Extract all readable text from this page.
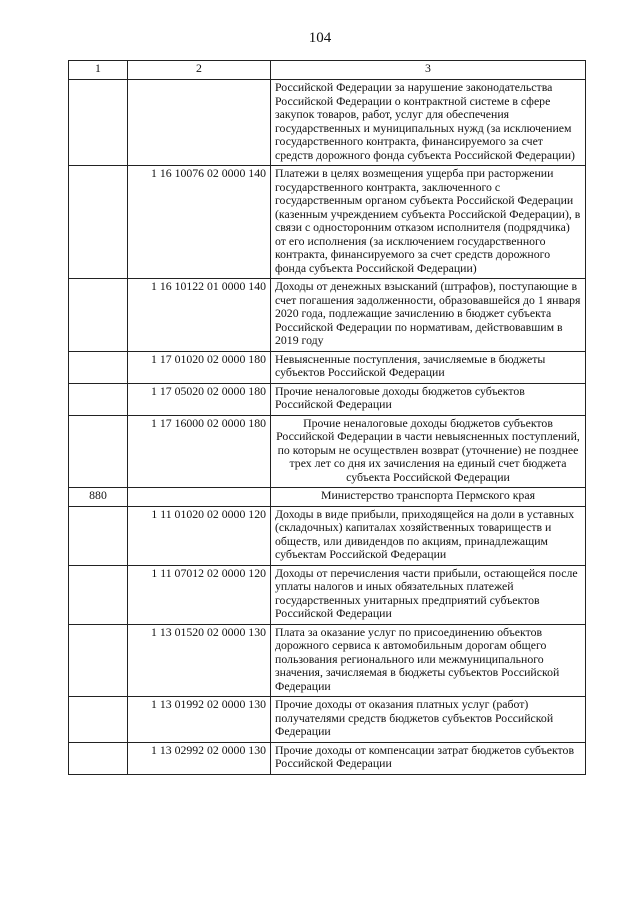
104
1	2	3
		Российской Федерации за нарушение законодательства Российской Федерации о контрактной системе в сфере закупок товаров, работ, услуг для обеспечения государственных и муниципальных нужд (за исключением государственного контракта, финансируемого за счет средств дорожного фонда субъекта Российской Федерации)
	1 16 10076 02 0000 140	Платежи в целях возмещения ущерба при расторжении государственного контракта, заключенного с государственным органом субъекта Российской Федерации (казенным учреждением субъекта Российской Федерации), в связи с односторонним отказом исполнителя (подрядчика) от его исполнения (за исключением государственного контракта, финансируемого за счет средств дорожного фонда субъекта Российской Федерации)
	1 16 10122 01 0000 140	Доходы от денежных взысканий (штрафов), поступающие в счет погашения задолженности, образовавшейся до 1 января 2020 года, подлежащие зачислению в бюджет субъекта Российской Федерации по нормативам, действовавшим в 2019 году
	1 17 01020 02 0000 180	Невыясненные поступления, зачисляемые в бюджеты субъектов Российской Федерации
	1 17 05020 02 0000 180	Прочие неналоговые доходы бюджетов субъектов Российской Федерации
	1 17 16000 02 0000 180	Прочие неналоговые доходы бюджетов субъектов Российской Федерации в части невыясненных поступлений, по которым не осуществлен возврат (уточнение) не позднее трех лет со дня их зачисления на единый счет бюджета субъекта Российской Федерации
880		Министерство транспорта Пермского края
	1 11 01020 02 0000 120	Доходы в виде прибыли, приходящейся на доли в уставных (складочных) капиталах хозяйственных товариществ и обществ, или дивидендов по акциям, принадлежащим субъектам Российской Федерации
	1 11 07012 02 0000 120	Доходы от перечисления части прибыли, остающейся после уплаты налогов и иных обязательных платежей государственных унитарных предприятий субъектов Российской Федерации
	1 13 01520 02 0000 130	Плата за оказание услуг по присоединению объектов дорожного сервиса к автомобильным дорогам общего пользования регионального или межмуниципального значения, зачисляемая в бюджеты субъектов Российской Федерации
	1 13 01992 02 0000 130	Прочие доходы от оказания платных услуг (работ) получателями средств бюджетов субъектов Российской Федерации
	1 13 02992 02 0000 130	Прочие доходы от компенсации затрат бюджетов субъектов Российской Федерации
